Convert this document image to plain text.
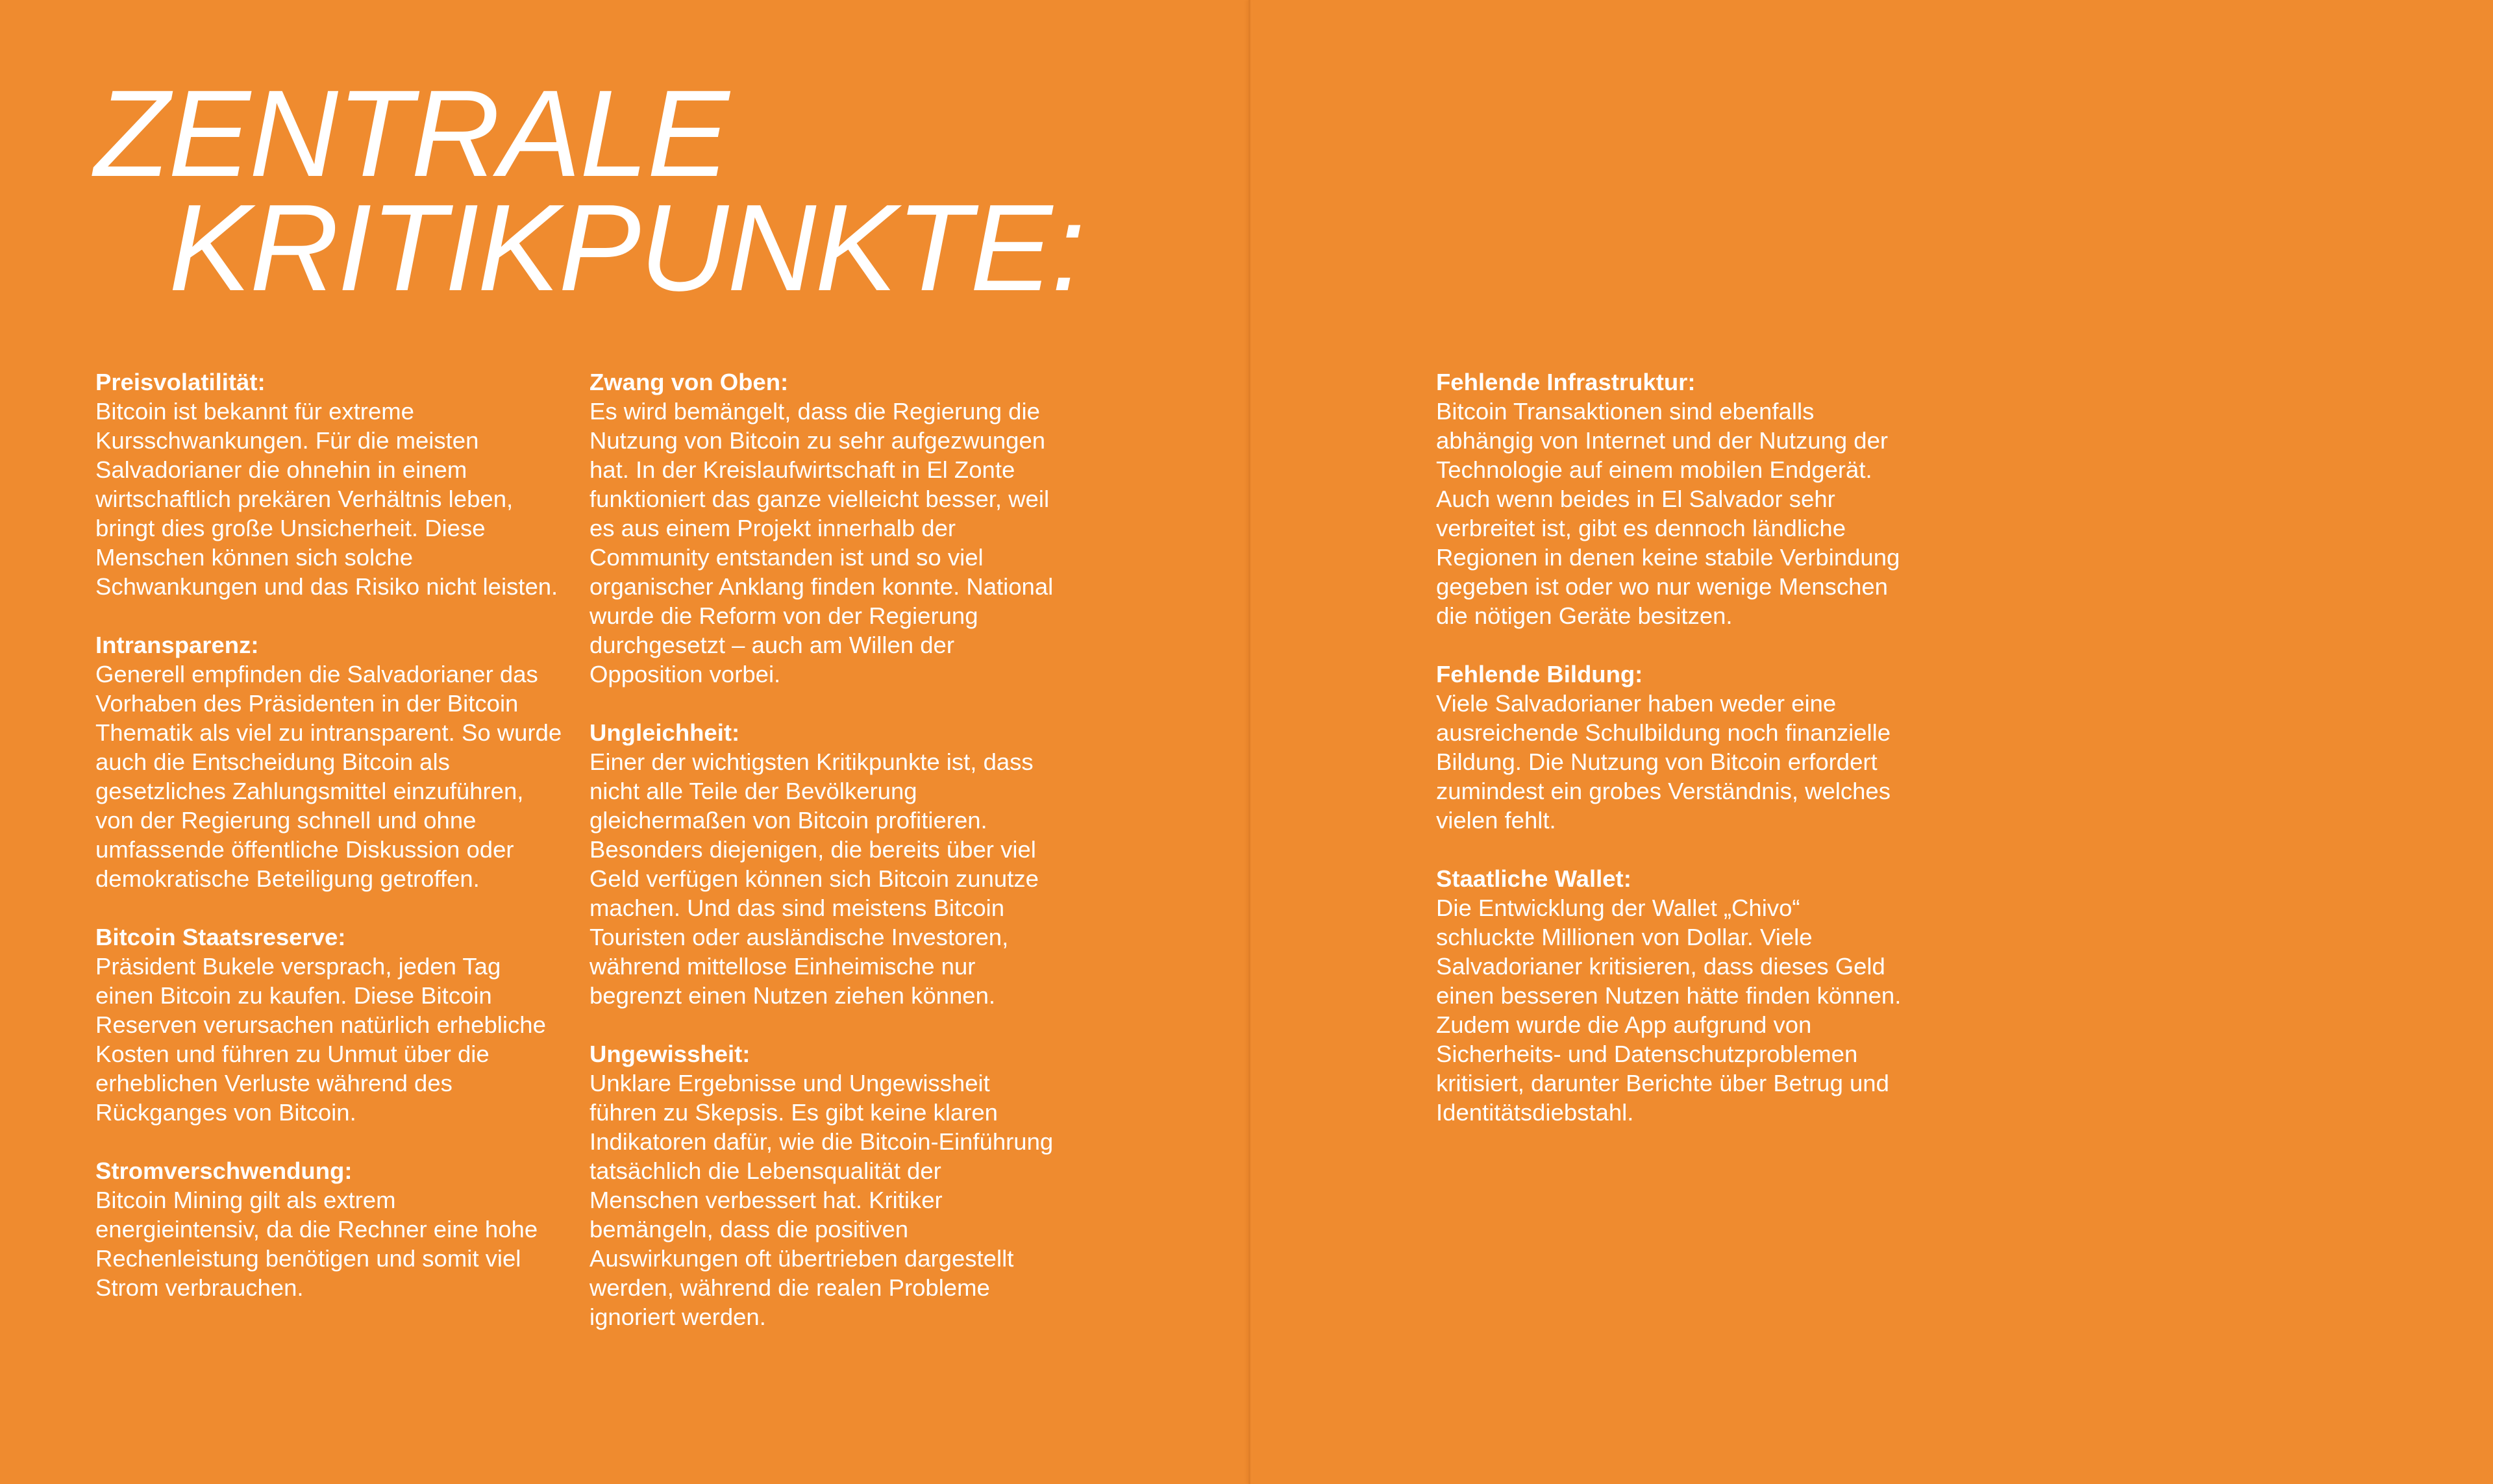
ZENTRALE
KRITIKPUNKTE:
Preisvolatilität:
Bitcoin ist bekannt für extreme Kursschwankungen. Für die meisten Salvadorianer die ohnehin in einem wirtschaftlich prekären Verhältnis leben, bringt dies große Unsicherheit. Diese Menschen können sich solche Schwankungen und das Risiko nicht leisten.
Intransparenz:
Generell empfinden die Salvadorianer das Vorhaben des Präsidenten in der Bitcoin Thematik als viel zu intransparent. So wurde auch die Entscheidung Bitcoin als gesetzliches Zahlungsmittel einzuführen, von der Regierung schnell und ohne umfassende öffentliche Diskussion oder demokratische Beteiligung getroffen.
Bitcoin Staatsreserve:
Präsident Bukele versprach, jeden Tag einen Bitcoin zu kaufen. Diese Bitcoin Reserven verursachen natürlich erhebliche Kosten und führen zu Unmut über die erheblichen Verluste während des Rückganges von Bitcoin.
Stromverschwendung:
Bitcoin Mining gilt als extrem energieintensiv, da die Rechner eine hohe Rechenleistung benötigen und somit viel Strom verbrauchen.
Zwang von Oben:
Es wird bemängelt, dass die Regierung die Nutzung von Bitcoin zu sehr aufgezwungen hat. In der Kreislaufwirtschaft in El Zonte funktioniert das ganze vielleicht besser, weil es aus einem Projekt innerhalb der Community entstanden ist und so viel organischer Anklang finden konnte. National wurde die Reform von der Regierung durchgesetzt – auch am Willen der Opposition vorbei.
Ungleichheit:
Einer der wichtigsten Kritikpunkte ist, dass nicht alle Teile der Bevölkerung gleichermaßen von Bitcoin profitieren. Besonders diejenigen, die bereits über viel Geld verfügen können sich Bitcoin zunutze machen. Und das sind meistens Bitcoin Touristen oder ausländische Investoren, während mittellose Einheimische nur begrenzt einen Nutzen ziehen können.
Ungewissheit:
Unklare Ergebnisse und Ungewissheit führen zu Skepsis. Es gibt keine klaren Indikatoren dafür, wie die Bitcoin-Einführung tatsächlich die Lebensqualität der Menschen verbessert hat. Kritiker bemängeln, dass die positiven Auswirkungen oft übertrieben dargestellt werden, während die realen Probleme ignoriert werden.
Fehlende Infrastruktur:
Bitcoin Transaktionen sind ebenfalls abhängig von Internet und der Nutzung der Technologie auf einem mobilen Endgerät. Auch wenn beides in El Salvador sehr verbreitet ist, gibt es dennoch ländliche Regionen in denen keine stabile Verbindung gegeben ist oder wo nur wenige Menschen die nötigen Geräte besitzen.
Fehlende Bildung:
Viele Salvadorianer haben weder eine ausreichende Schulbildung noch finanzielle Bildung. Die Nutzung von Bitcoin erfordert zumindest ein grobes Verständnis, welches vielen fehlt.
Staatliche Wallet:
Die Entwicklung der Wallet „Chivo“ schluckte Millionen von Dollar. Viele Salvadorianer kritisieren, dass dieses Geld einen besseren Nutzen hätte finden können. Zudem wurde die App aufgrund von Sicherheits- und Datenschutzproblemen kritisiert, darunter Berichte über Betrug und Identitätsdiebstahl.
